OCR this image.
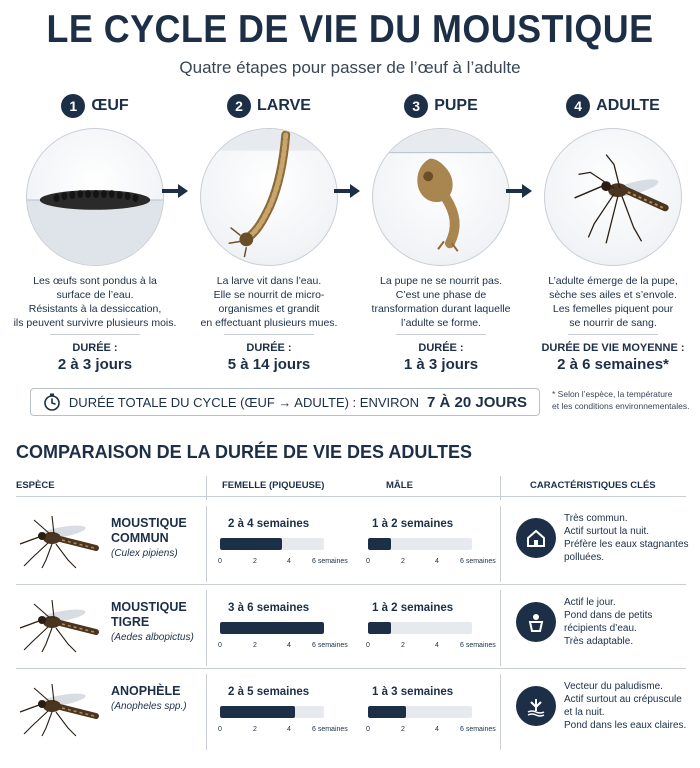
LE CYCLE DE VIE DU MOUSTIQUE
Quatre étapes pour passer de l’œuf à l’adulte
1 ŒUF
Les œufs sont pondus à la
surface de l’eau.
Résistants à la dessiccation,
ils peuvent survivre plusieurs mois.
DURÉE :
2 à 3 jours
2 LARVE
La larve vit dans l’eau.
Elle se nourrit de micro-
organismes et grandit
en effectuant plusieurs mues.
DURÉE :
5 à 14 jours
3 PUPE
La pupe ne se nourrit pas.
C’est une phase de
transformation durant laquelle
l’adulte se forme.
DURÉE :
1 à 3 jours
4 ADULTE
L’adulte émerge de la pupe,
sèche ses ailes et s’envole.
Les femelles piquent pour
se nourrir de sang.
DURÉE DE VIE MOYENNE :
2 à 6 semaines*
DURÉE TOTALE DU CYCLE (ŒUF → ADULTE) : ENVIRON 7 À 20 JOURS	* Selon l’espèce, la température
et les conditions environnementales.
COMPARAISON DE LA DURÉE DE VIE DES ADULTES
ESPÈCE	FEMELLE (PIQUEUSE)	MÂLE	CARACTÉRISTIQUES CLÉS
MOUSTIQUE
COMMUN
(Culex pipiens)
2 à 4 semaines	1 à 2 semaines
0	2	4	6 semaines	0	2	4	6 semaines
Très commun.
Actif surtout la nuit.
Préfère les eaux stagnantes
polluées.
MOUSTIQUE
TIGRE
(Aedes albopictus)
3 à 6 semaines	1 à 2 semaines
0	2	4	6 semaines	0	2	4	6 semaines
Actif le jour.
Pond dans de petits
récipients d’eau.
Très adaptable.
ANOPHÈLE
(Anopheles spp.)
2 à 5 semaines	1 à 3 semaines
0	2	4	6 semaines	0	2	4	6 semaines
Vecteur du paludisme.
Actif surtout au crépuscule
et la nuit.
Pond dans les eaux claires.
